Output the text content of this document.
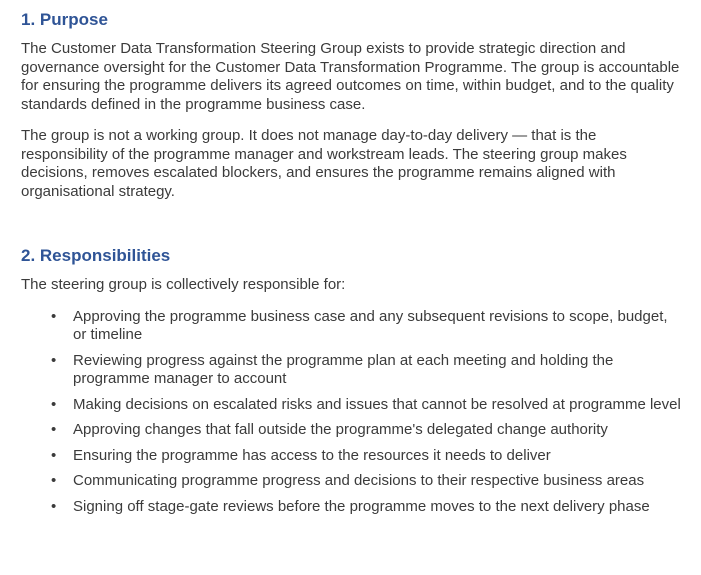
1. Purpose

The Customer Data Transformation Steering Group exists to provide strategic direction and governance oversight for the Customer Data Transformation Programme. The group is accountable for ensuring the programme delivers its agreed outcomes on time, within budget, and to the quality standards defined in the programme business case.

The group is not a working group. It does not manage day-to-day delivery — that is the responsibility of the programme manager and workstream leads. The steering group makes decisions, removes escalated blockers, and ensures the programme remains aligned with organisational strategy.

2. Responsibilities

The steering group is collectively responsible for:

• Approving the programme business case and any subsequent revisions to scope, budget, or timeline
• Reviewing progress against the programme plan at each meeting and holding the programme manager to account
• Making decisions on escalated risks and issues that cannot be resolved at programme level
• Approving changes that fall outside the programme's delegated change authority
• Ensuring the programme has access to the resources it needs to deliver
• Communicating programme progress and decisions to their respective business areas
• Signing off stage-gate reviews before the programme moves to the next delivery phase
